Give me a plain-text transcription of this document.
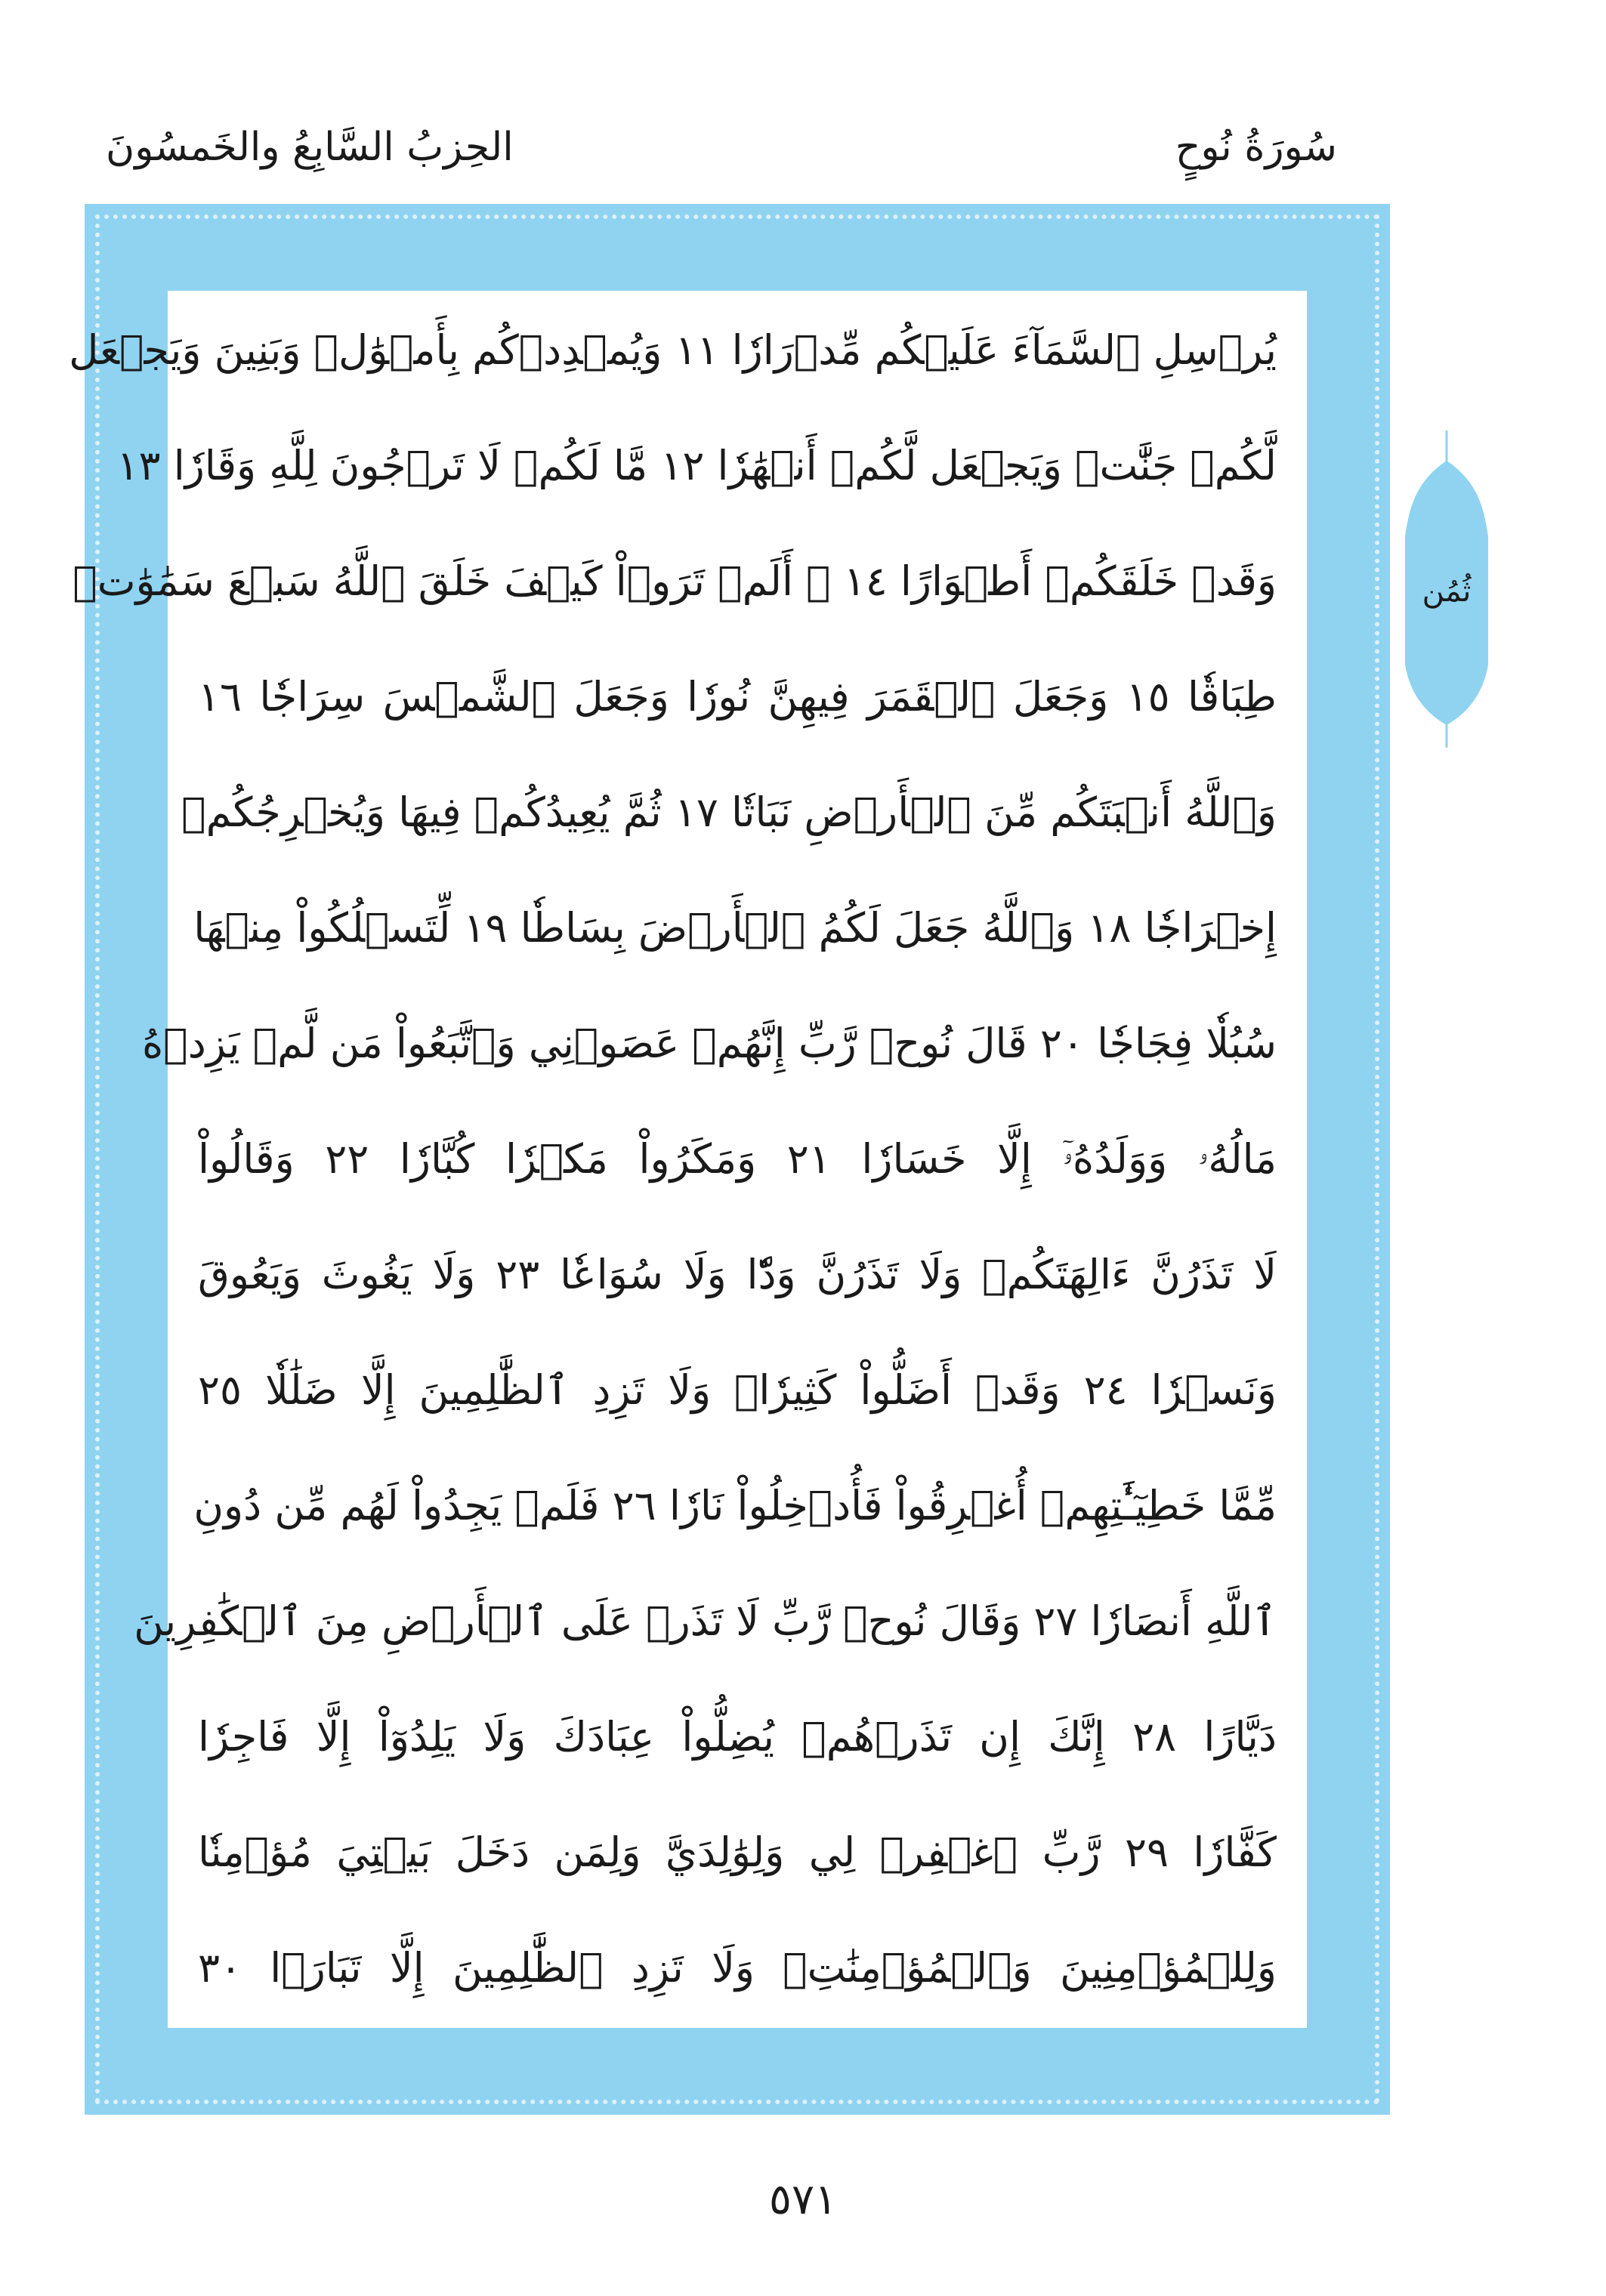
سُورَةُ نُوحٍ
الحِزبُ السَّابِعُ والخَمسُونَ
يُرۡسِلِ ٱلسَّمَآءَ عَلَيۡكُم مِّدۡرَارٗا ١١ وَيُمۡدِدۡكُم بِأَمۡوَٰلٖ وَبَنِينَ وَيَجۡعَل
لَّكُمۡ جَنَّٰتٖ وَيَجۡعَل لَّكُمۡ أَنۡهَٰرٗا ١٢ مَّا لَكُمۡ لَا تَرۡجُونَ لِلَّهِ وَقَارٗا ١٣
وَقَدۡ خَلَقَكُمۡ أَطۡوَارًا ١٤ ۞ أَلَمۡ تَرَوۡاْ كَيۡفَ خَلَقَ ٱللَّهُ سَبۡعَ سَمَٰوَٰتٖ
طِبَاقٗا ١٥ وَجَعَلَ ٱلۡقَمَرَ فِيهِنَّ نُورٗا وَجَعَلَ ٱلشَّمۡسَ سِرَاجٗا ١٦
وَٱللَّهُ أَنۢبَتَكُم مِّنَ ٱلۡأَرۡضِ نَبَاتٗا ١٧ ثُمَّ يُعِيدُكُمۡ فِيهَا وَيُخۡرِجُكُمۡ
إِخۡرَاجٗا ١٨ وَٱللَّهُ جَعَلَ لَكُمُ ٱلۡأَرۡضَ بِسَاطٗا ١٩ لِّتَسۡلُكُواْ مِنۡهَا
سُبُلٗا فِجَاجٗا ٢٠ قَالَ نُوحٞ رَّبِّ إِنَّهُمۡ عَصَوۡنِي وَٱتَّبَعُواْ مَن لَّمۡ يَزِدۡهُ
مَالُهُۥ وَوَلَدُهُۥٓ إِلَّا خَسَارٗا ٢١ وَمَكَرُواْ مَكۡرٗا كُبَّارٗا ٢٢ وَقَالُواْ
لَا تَذَرُنَّ ءَالِهَتَكُمۡ وَلَا تَذَرُنَّ وَدّٗا وَلَا سُوَاعٗا ٢٣ وَلَا يَغُوثَ وَيَعُوقَ
وَنَسۡرٗا ٢٤ وَقَدۡ أَضَلُّواْ كَثِيرٗاۖ وَلَا تَزِدِ ٱلظَّٰلِمِينَ إِلَّا ضَلَٰلٗا ٢٥
مِّمَّا خَطِيٓـَٰٔتِهِمۡ أُغۡرِقُواْ فَأُدۡخِلُواْ نَارٗا ٢٦ فَلَمۡ يَجِدُواْ لَهُم مِّن دُونِ
ٱللَّهِ أَنصَارٗا ٢٧ وَقَالَ نُوحٞ رَّبِّ لَا تَذَرۡ عَلَى ٱلۡأَرۡضِ مِنَ ٱلۡكَٰفِرِينَ
دَيَّارًا ٢٨ إِنَّكَ إِن تَذَرۡهُمۡ يُضِلُّواْ عِبَادَكَ وَلَا يَلِدُوٓاْ إِلَّا فَاجِرٗا
كَفَّارٗا ٢٩ رَّبِّ ٱغۡفِرۡ لِي وَلِوَٰلِدَيَّ وَلِمَن دَخَلَ بَيۡتِيَ مُؤۡمِنٗا
وَلِلۡمُؤۡمِنِينَ وَٱلۡمُؤۡمِنَٰتِۖ وَلَا تَزِدِ ٱلظَّٰلِمِينَ إِلَّا تَبَارَۢا ٣٠
ثُمُن
٥٧١
